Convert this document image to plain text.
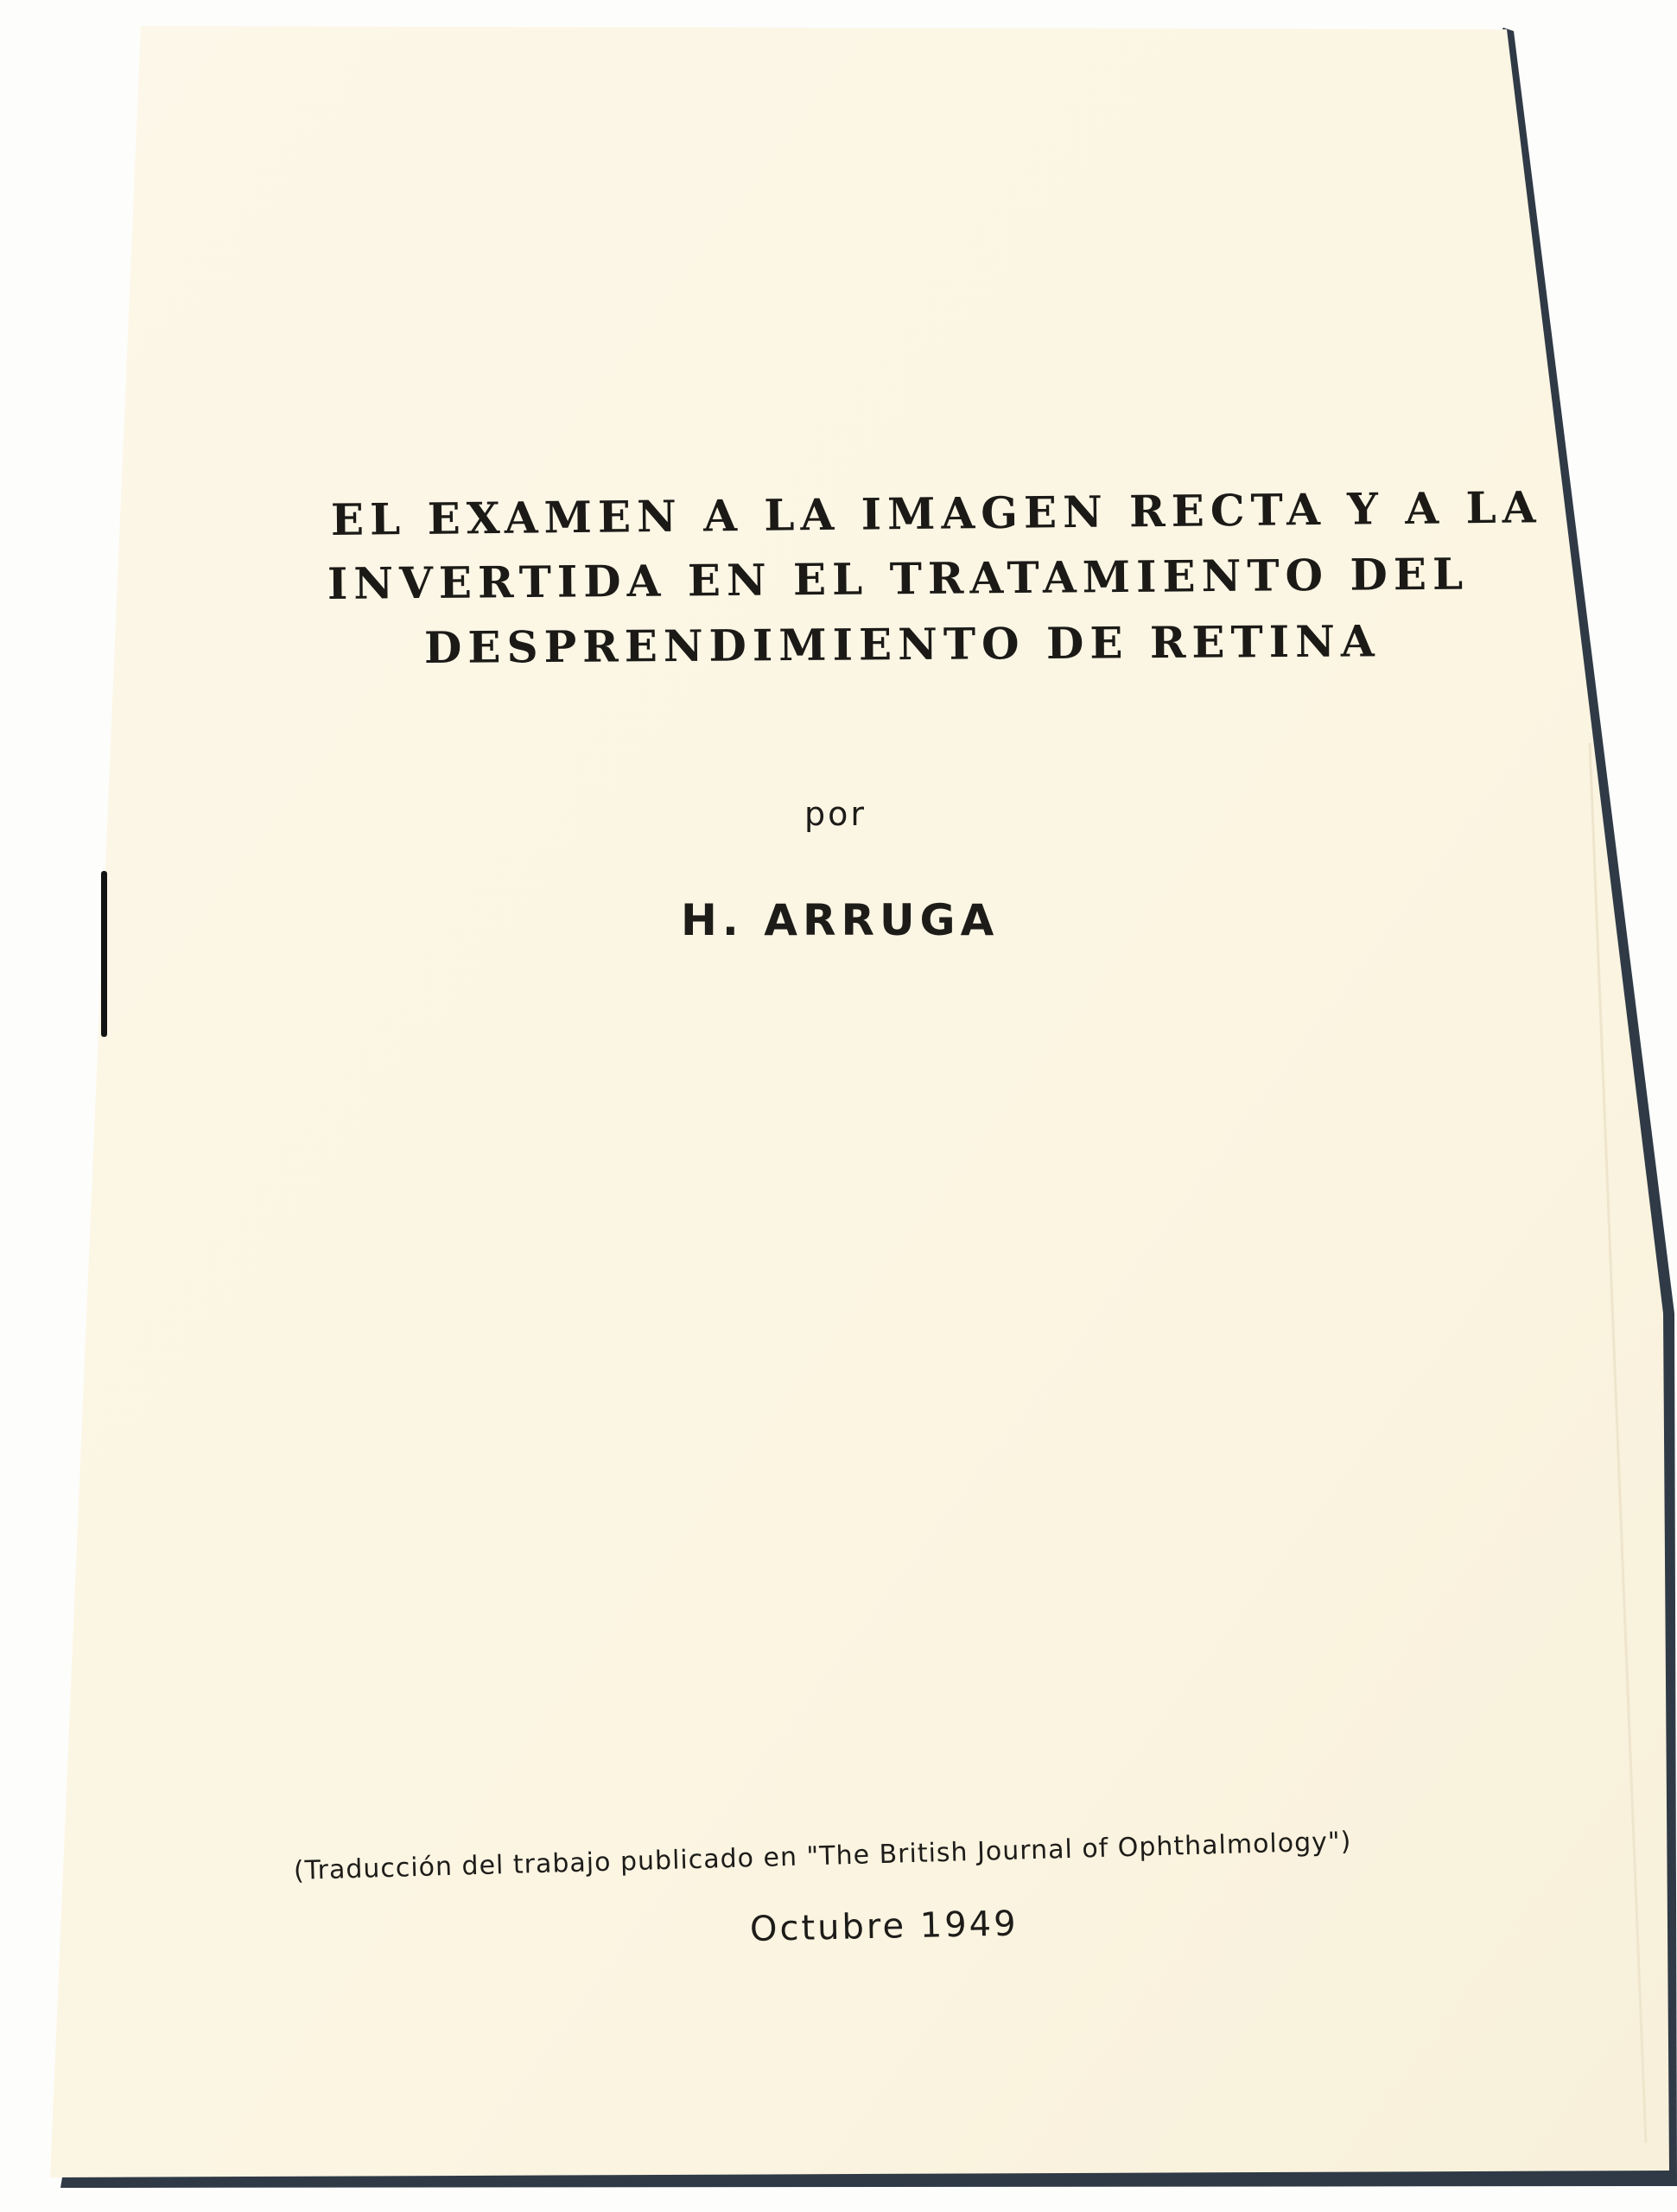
EL EXAMEN A LA IMAGEN RECTA Y A LA
INVERTIDA EN EL TRATAMIENTO DEL
DESPRENDIMIENTO DE RETINA
por
H. ARRUGA
(Traducción del trabajo publicado en "The British Journal of Ophthalmology")
Octubre 1949
